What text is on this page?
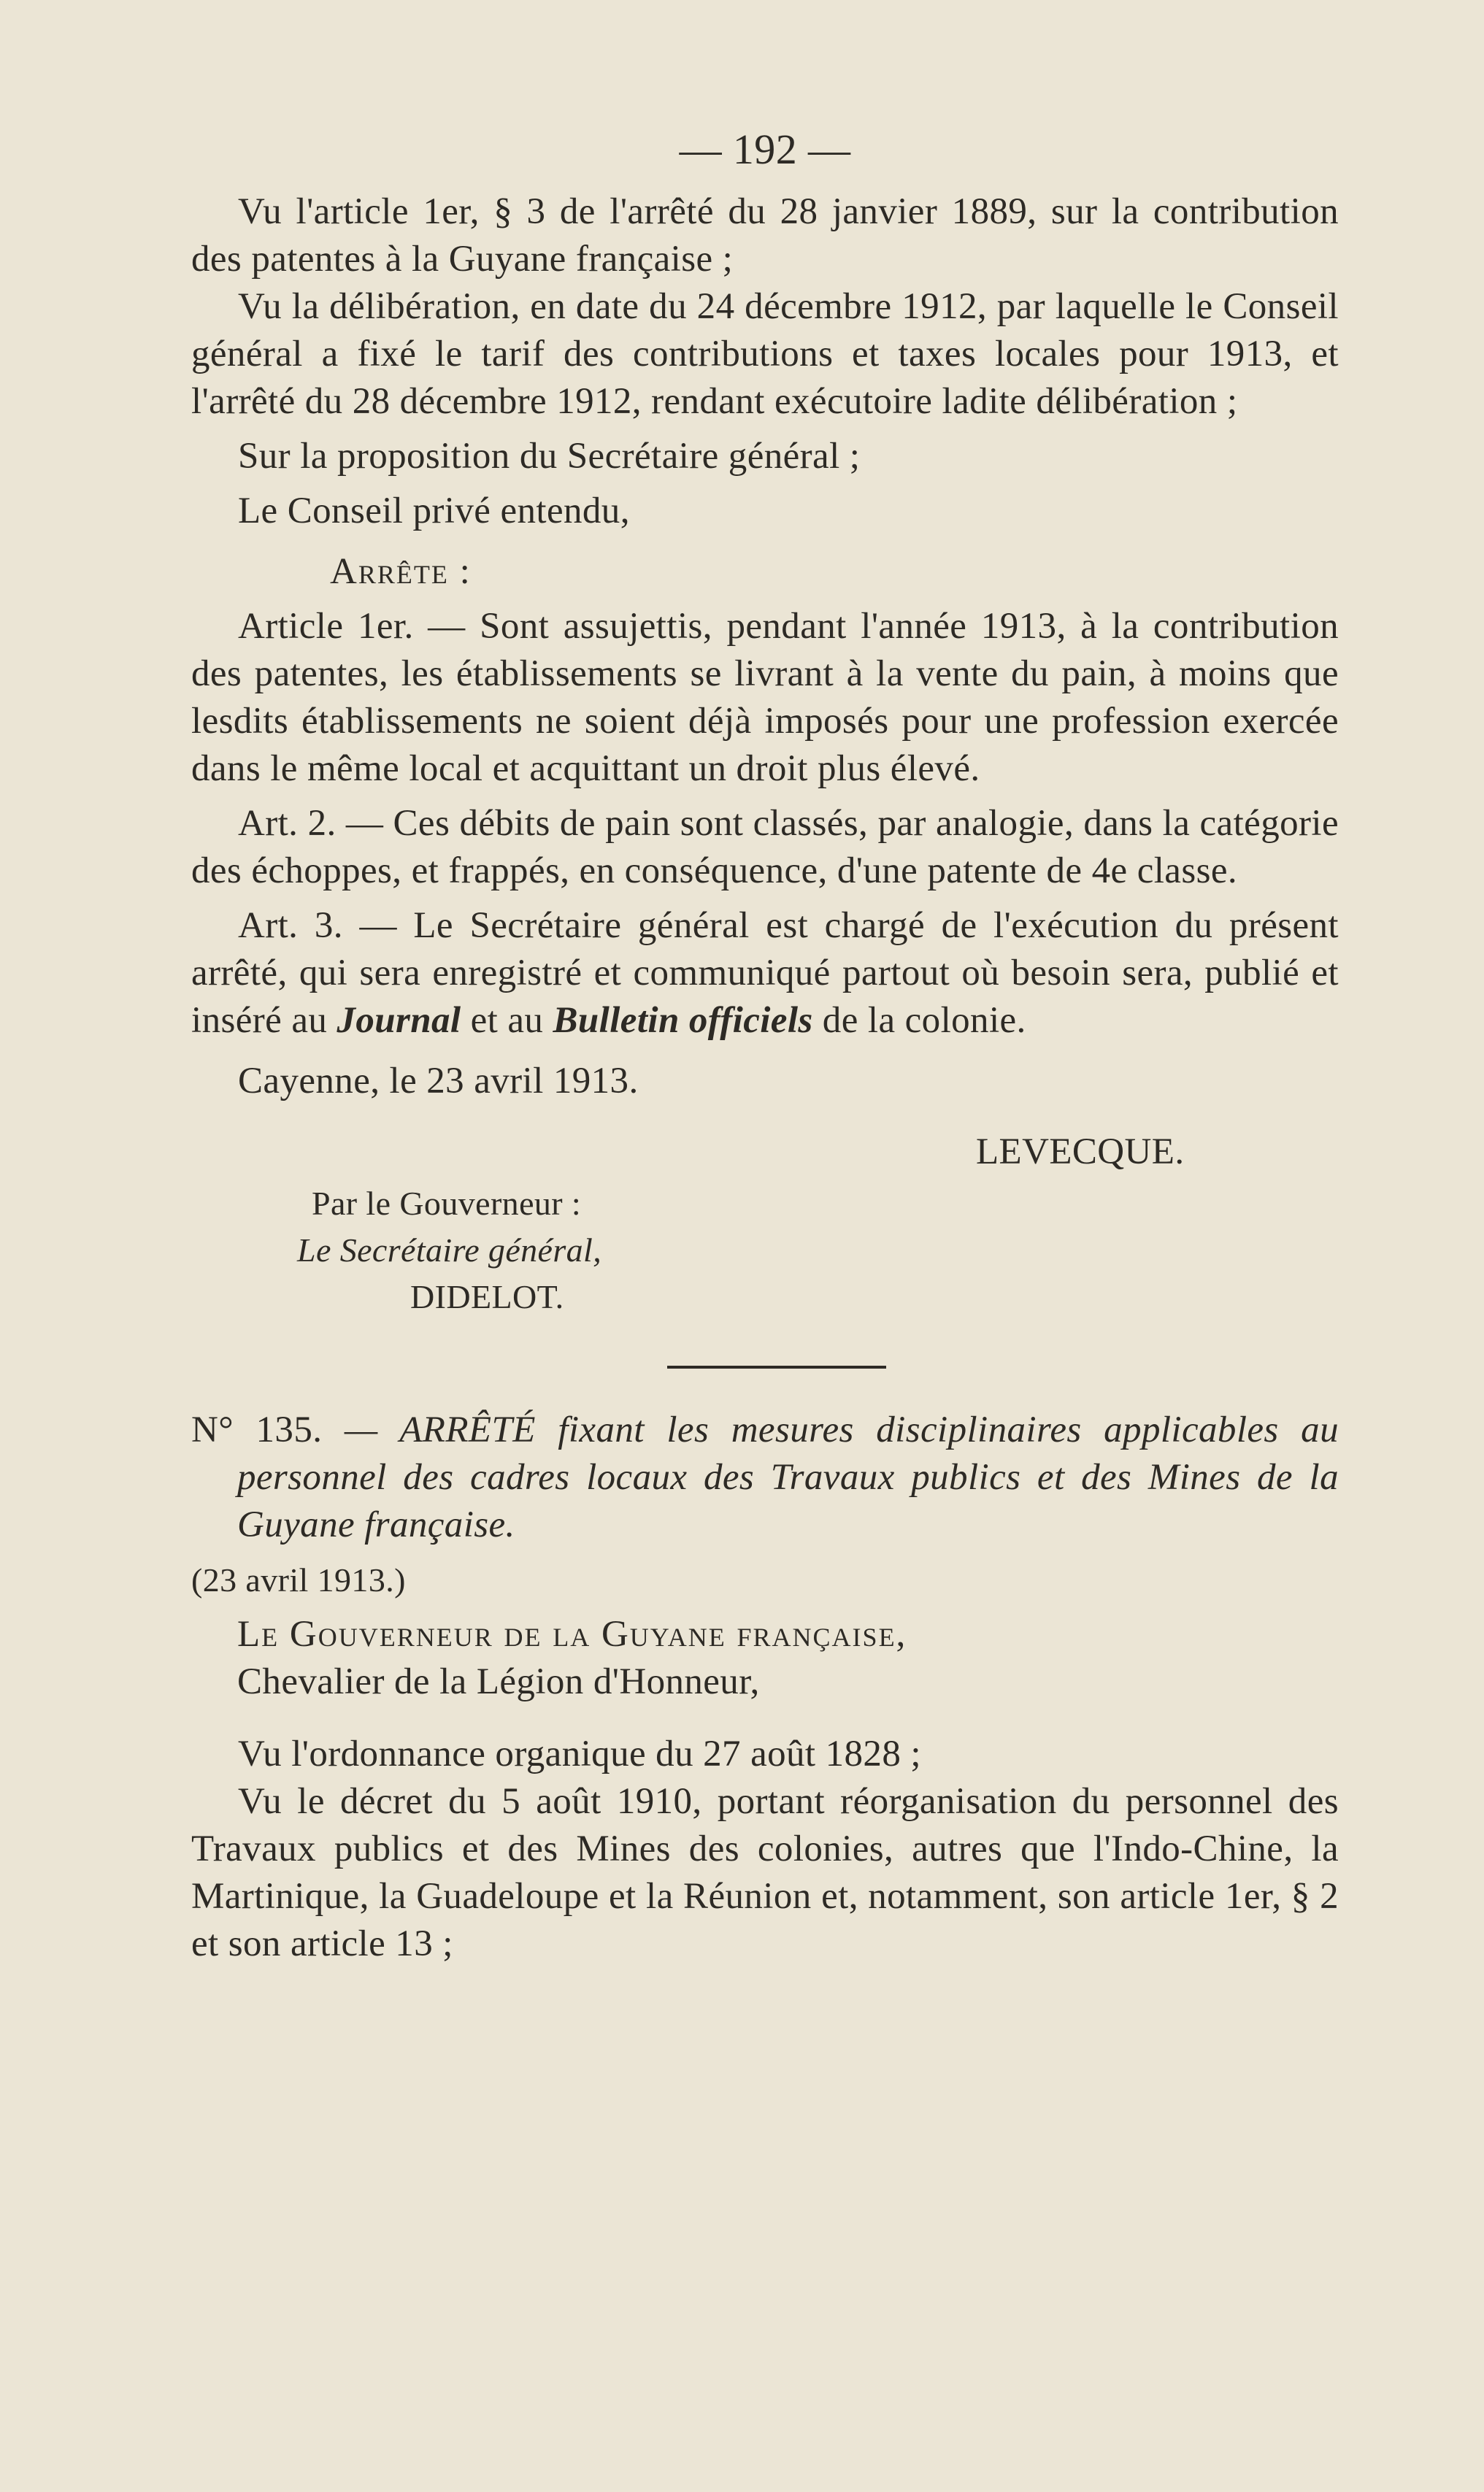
— 192 —

Vu l'article 1er, § 3 de l'arrêté du 28 janvier 1889, sur la contribution des patentes à la Guyane française ;

Vu la délibération, en date du 24 décembre 1912, par laquelle le Conseil général a fixé le tarif des contributions et taxes locales pour 1913, et l'arrêté du 28 décembre 1912, rendant exécutoire ladite délibération ;

Sur la proposition du Secrétaire général ;

Le Conseil privé entendu,

Arrête :

Article 1er. — Sont assujettis, pendant l'année 1913, à la contribution des patentes, les établissements se livrant à la vente du pain, à moins que lesdits établissements ne soient déjà imposés pour une profession exercée dans le même local et acquittant un droit plus élevé.

Art. 2. — Ces débits de pain sont classés, par analogie, dans la catégorie des échoppes, et frappés, en conséquence, d'une patente de 4e classe.

Art. 3. — Le Secrétaire général est chargé de l'exécution du présent arrêté, qui sera enregistré et communiqué partout où besoin sera, publié et inséré au Journal et au Bulletin officiels de la colonie.

Cayenne, le 23 avril 1913.

LEVECQUE.

Par le Gouverneur :
Le Secrétaire général,
DIDELOT.

N° 135. — ARRÊTÉ fixant les mesures disciplinaires applicables au personnel des cadres locaux des Travaux publics et des Mines de la Guyane française.

(23 avril 1913.)

Le Gouverneur de la Guyane française,

Chevalier de la Légion d'Honneur,

Vu l'ordonnance organique du 27 août 1828 ;

Vu le décret du 5 août 1910, portant réorganisation du personnel des Travaux publics et des Mines des colonies, autres que l'Indo-Chine, la Martinique, la Guadeloupe et la Réunion et, notamment, son article 1er, § 2 et son article 13 ;
